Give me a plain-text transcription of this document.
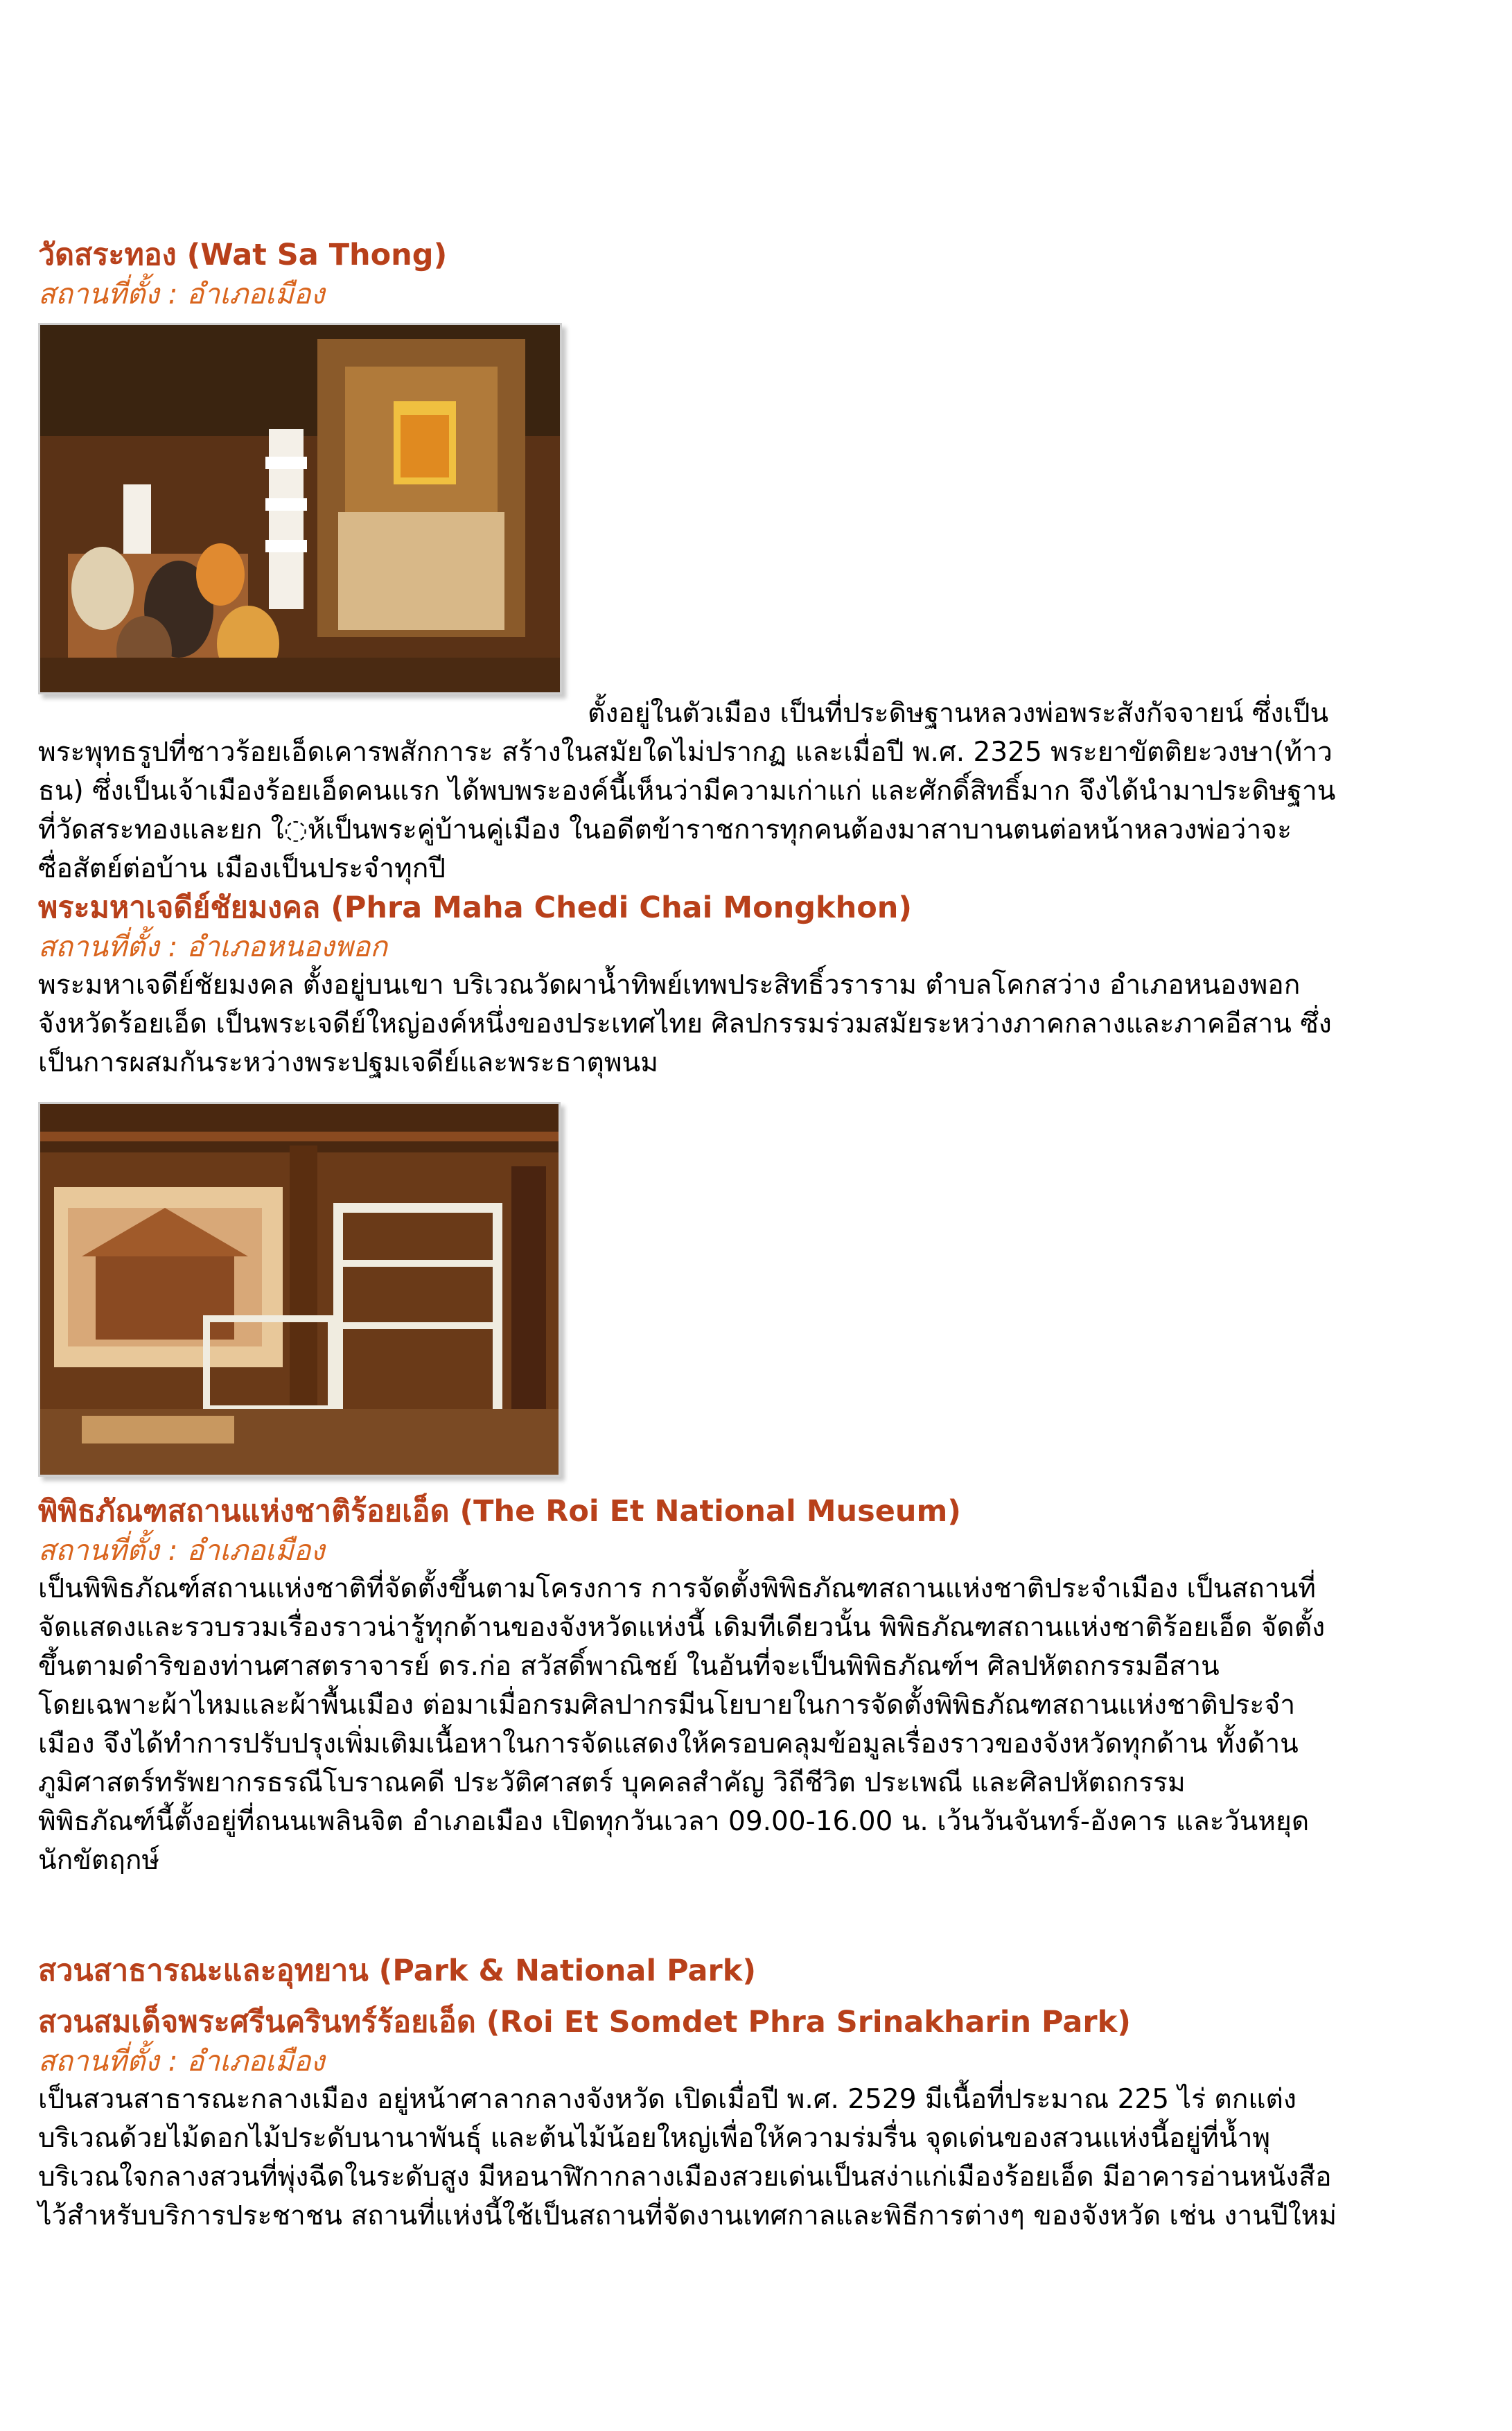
วัดสระทอง (Wat Sa Thong)

สถานที่ตั้ง : อำเภอเมือง

ตั้งอยู่ในตัวเมือง เป็นที่ประดิษฐานหลวงพ่อพระสังกัจจายน์ ซึ่งเป็น

พระพุทธรูปที่ชาวร้อยเอ็ดเคารพสักการะ สร้างในสมัยใดไม่ปรากฏ และเมื่อปี พ.ศ. 2325 พระยาขัตติยะวงษา(ท้าว

ธน) ซึ่งเป็นเจ้าเมืองร้อยเอ็ดคนแรก ได้พบพระองค์นี้เห็นว่ามีความเก่าแก่ และศักดิ์สิทธิ์มาก จึงได้นำมาประดิษฐาน

ที่วัดสระทองและยก ใ◌ห้เป็นพระคู่บ้านคู่เมือง ในอดีตข้าราชการทุกคนต้องมาสาบานตนต่อหน้าหลวงพ่อว่าจะ

ซื่อสัตย์ต่อบ้าน เมืองเป็นประจำทุกปี

พระมหาเจดีย์ชัยมงคล (Phra Maha Chedi Chai Mongkhon)

สถานที่ตั้ง : อำเภอหนองพอก

พระมหาเจดีย์ชัยมงคล ตั้งอยู่บนเขา บริเวณวัดผาน้ำทิพย์เทพประสิทธิ์วราราม ตำบลโคกสว่าง อำเภอหนองพอก

จังหวัดร้อยเอ็ด เป็นพระเจดีย์ใหญ่องค์หนึ่งของประเทศไทย ศิลปกรรมร่วมสมัยระหว่างภาคกลางและภาคอีสาน ซึ่ง

เป็นการผสมกันระหว่างพระปฐมเจดีย์และพระธาตุพนม

พิพิธภัณฑสถานแห่งชาติร้อยเอ็ด (The Roi Et National Museum)

สถานที่ตั้ง : อำเภอเมือง

เป็นพิพิธภัณฑ์สถานแห่งชาติที่จัดตั้งขึ้นตามโครงการ การจัดตั้งพิพิธภัณฑสถานแห่งชาติประจำเมือง เป็นสถานที่

จัดแสดงและรวบรวมเรื่องราวน่ารู้ทุกด้านของจังหวัดแห่งนี้ เดิมทีเดียวนั้น พิพิธภัณฑสถานแห่งชาติร้อยเอ็ด จัดตั้ง

ขึ้นตามดำริของท่านศาสตราจารย์ ดร.ก่อ สวัสดิ์พาณิชย์ ในอันที่จะเป็นพิพิธภัณฑ์ฯ ศิลปหัตถกรรมอีสาน

โดยเฉพาะผ้าไหมและผ้าพื้นเมือง ต่อมาเมื่อกรมศิลปากรมีนโยบายในการจัดตั้งพิพิธภัณฑสถานแห่งชาติประจำ

เมือง จึงได้ทำการปรับปรุงเพิ่มเติมเนื้อหาในการจัดแสดงให้ครอบคลุมข้อมูลเรื่องราวของจังหวัดทุกด้าน ทั้งด้าน

ภูมิศาสตร์ทรัพยากรธรณีโบราณคดี ประวัติศาสตร์ บุคคลสำคัญ วิถีชีวิต ประเพณี และศิลปหัตถกรรม

พิพิธภัณฑ์นี้ตั้งอยู่ที่ถนนเพลินจิต อำเภอเมือง เปิดทุกวันเวลา 09.00-16.00 น. เว้นวันจันทร์-อังคาร และวันหยุด

นักขัตฤกษ์

สวนสาธารณะและอุทยาน (Park & National Park)

สวนสมเด็จพระศรีนครินทร์ร้อยเอ็ด (Roi Et Somdet Phra Srinakharin Park)

สถานที่ตั้ง : อำเภอเมือง

เป็นสวนสาธารณะกลางเมือง อยู่หน้าศาลากลางจังหวัด เปิดเมื่อปี พ.ศ. 2529 มีเนื้อที่ประมาณ 225 ไร่ ตกแต่ง

บริเวณด้วยไม้ดอกไม้ประดับนานาพันธุ์ และต้นไม้น้อยใหญ่เพื่อให้ความร่มรื่น จุดเด่นของสวนแห่งนี้อยู่ที่น้ำพุ

บริเวณใจกลางสวนที่พุ่งฉีดในระดับสูง มีหอนาฬิกากลางเมืองสวยเด่นเป็นสง่าแก่เมืองร้อยเอ็ด มีอาคารอ่านหนังสือ

ไว้สำหรับบริการประชาชน สถานที่แห่งนี้ใช้เป็นสถานที่จัดงานเทศกาลและพิธีการต่างๆ ของจังหวัด เช่น งานปีใหม่
